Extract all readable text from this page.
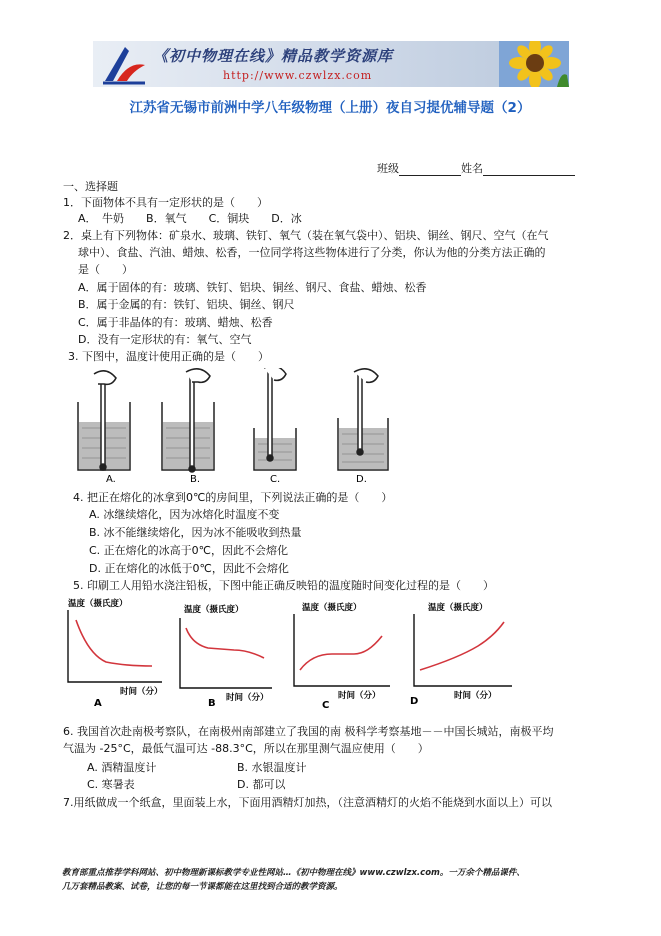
《初中物理在线》精品教学资源库
http://www.czwlzx.com
江苏省无锡市前洲中学八年级物理（上册）夜自习提优辅导题（2）
班级	姓名
一、选择题
1．下面物体不具有一定形状的是（　　）
A．　牛奶　　B．氧气　　C．铜块　　D．冰
2．桌上有下列物体：矿泉水、玻璃、铁钉、氧气（装在氧气袋中）、铝块、铜丝、钢尺、空气（在气
球中）、食盐、汽油、蜡烛、松香，一位同学将这些物体进行了分类，你认为他的分类方法正确的
是（　　）
A．属于固体的有：玻璃、铁钉、铝块、铜丝、钢尺、食盐、蜡烛、松香
B．属于金属的有：铁钉、铝块、铜丝、钢尺
C．属于非晶体的有：玻璃、蜡烛、松香
D．没有一定形状的有：氧气、空气
3. 下图中，温度计使用正确的是（　　）
A.	B.	C.	D.
4. 把正在熔化的冰拿到0℃的房间里，下列说法正确的是（　　）
A. 冰继续熔化，因为冰熔化时温度不变
B. 冰不能继续熔化，因为冰不能吸收到热量
C. 正在熔化的冰高于0℃，因此不会熔化
D. 正在熔化的冰低于0℃，因此不会熔化
5. 印刷工人用铅水浇注铅板，下图中能正确反映铅的温度随时间变化过程的是（　　）
温度（摄氏度）
时间（分）
A
温度（摄氏度）
时间（分）
B
温度（摄氏度）
时间（分）
C
温度（摄氏度）
时间（分）
D
6. 我国首次赴南极考察队，在南极州南部建立了我国的南 极科学考察基地－－中国长城站，南极平均
气温为 -25°C，最低气温可达 -88.3°C，所以在那里测气温应使用（　　）
A. 酒精温度计	B. 水银温度计
C. 寒暑表	D. 都可以
7.用纸做成一个纸盒，里面装上水，下面用酒精灯加热，（注意酒精灯的火焰不能烧到水面以上）可以
教育部重点推荐学科网站、初中物理新课标教学专业性网站…《初中物理在线》www.czwlzx.com。一万余个精品课件、
几万套精品教案、试卷，让您的每一节课都能在这里找到合适的教学资源。
